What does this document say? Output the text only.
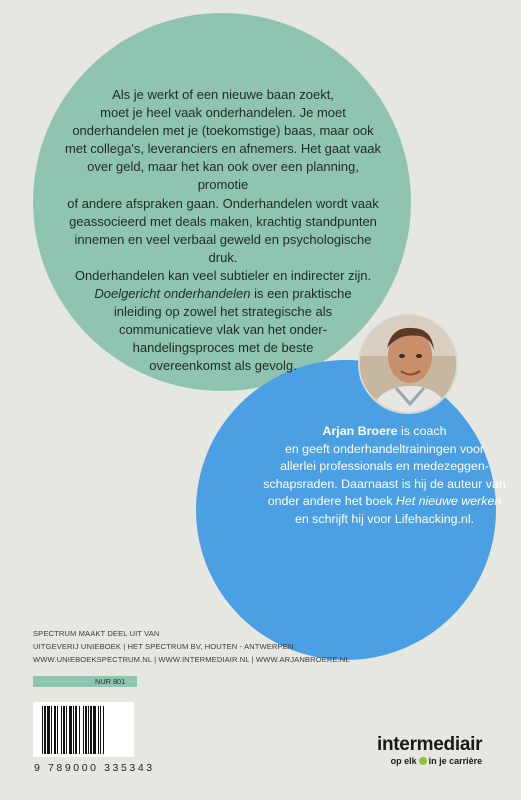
Als je werkt of een nieuwe baan zoekt,

moet je heel vaak onderhandelen. Je moet

onderhandelen met je (toekomstige) baas, maar ook

met collega's, leveranciers en afnemers. Het gaat vaak

over geld, maar het kan ook over een planning, promotie

of andere afspraken gaan. Onderhandelen wordt vaak

geassocieerd met deals maken, krachtig standpunten

innemen en veel verbaal geweld en psychologische druk.

Onderhandelen kan veel subtieler en indirecter zijn.

Doelgericht onderhandelen is een praktische

inleiding op zowel het strategische als

communicatieve vlak van het onder-

handelingsproces met de beste

overeenkomst als gevolg.

Arjan Broere is coach
en geeft onderhandeltrainingen voor
allerlei professionals en medezeggen-
schapsraden. Daarnaast is hij de auteur van
onder andere het boek Het nieuwe werken
en schrijft hij voor Lifehacking.nl.
SPECTRUM MAAKT DEEL UIT VAN
UITGEVERIJ UNIEBOEK | HET SPECTRUM BV, HOUTEN - ANTWERPEN
WWW.UNIEBOEKSPECTRUM.NL | WWW.INTERMEDIAIR.NL | WWW.ARJANBROERE.NL
NUR 801
9 789000 335343
intermediair
op elk in je carrière
